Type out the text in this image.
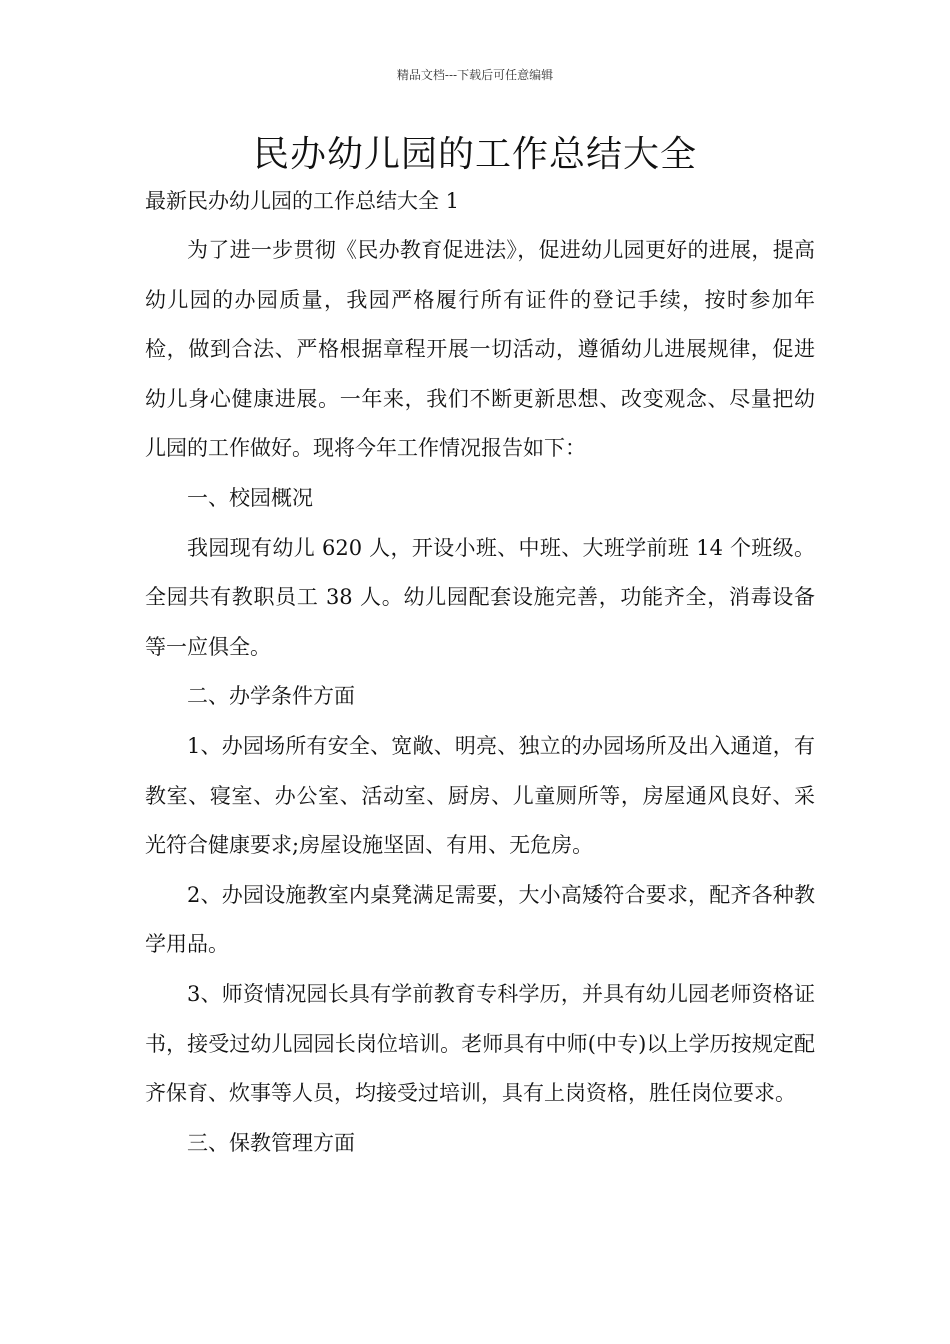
精品文档---下载后可任意编辑
民办幼儿园的工作总结大全
最新民办幼儿园的工作总结大全 1

为了进一步贯彻《民办教育促进法》，促进幼儿园更好的进展，提高幼儿园的办园质量，我园严格履行所有证件的登记手续，按时参加年检，做到合法、严格根据章程开展一切活动，遵循幼儿进展规律，促进幼儿身心健康进展。一年来，我们不断更新思想、改变观念、尽量把幼儿园的工作做好。现将今年工作情况报告如下：

一、校园概况

我园现有幼儿 620 人，开设小班、中班、大班学前班 14 个班级。全园共有教职员工 38 人。幼儿园配套设施完善，功能齐全，消毒设备等一应俱全。

二、办学条件方面

1、办园场所有安全、宽敞、明亮、独立的办园场所及出入通道，有教室、寝室、办公室、活动室、厨房、儿童厕所等，房屋通风良好、采光符合健康要求;房屋设施坚固、有用、无危房。

2、办园设施教室内桌凳满足需要，大小高矮符合要求，配齐各种教学用品。

3、师资情况园长具有学前教育专科学历，并具有幼儿园老师资格证书，接受过幼儿园园长岗位培训。老师具有中师(中专)以上学历按规定配齐保育、炊事等人员，均接受过培训，具有上岗资格，胜任岗位要求。

三、保教管理方面
